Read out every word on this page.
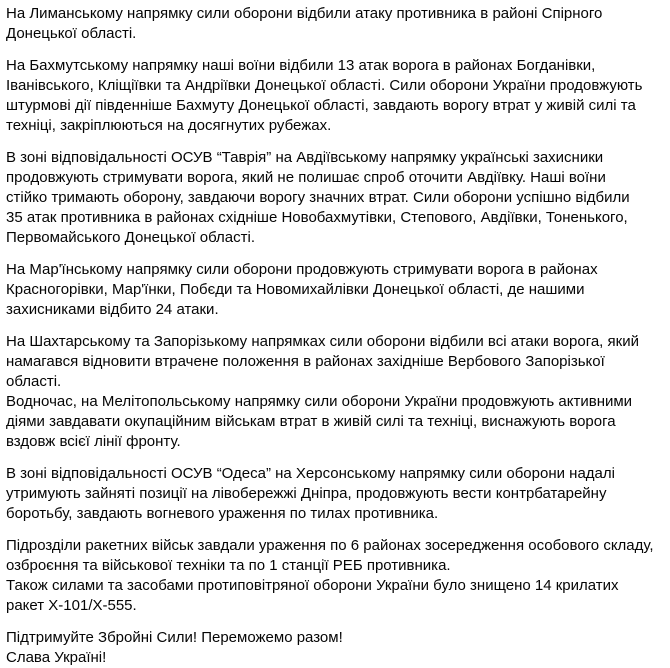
На Лиманському напрямку сили оборони відбили атаку противника в районі Спірного
Донецької області.

На Бахмутському напрямку наші воїни відбили 13 атак ворога в районах Богданівки,
Іванівського, Кліщіївки та Андріївки Донецької області. Сили оборони України продовжують
штурмові дії південніше Бахмуту Донецької області, завдають ворогу втрат у живій силі та
техніці, закріплюються на досягнутих рубежах.

В зоні відповідальності ОСУВ “Таврія” на Авдіївському напрямку українські захисники
продовжують стримувати ворога, який не полишає спроб оточити Авдіївку. Наші воїни
стійко тримають оборону, завдаючи ворогу значних втрат. Сили оборони успішно відбили
35 атак противника в районах східніше Новобахмутівки, Степового, Авдіївки, Тоненького,
Первомайського Донецької області.

На Мар'їнському напрямку сили оборони продовжують стримувати ворога в районах
Красногорівки, Мар'їнки, Побєди та Новомихайлівки Донецької області, де нашими
захисниками відбито 24 атаки.

На Шахтарському та Запорізькому напрямках сили оборони відбили всі атаки ворога, який
намагався відновити втрачене положення в районах західніше Вербового Запорізької
області.

Водночас, на Мелітопольському напрямку сили оборони України продовжують активними
діями завдавати окупаційним військам втрат в живій силі та техніці, виснажують ворога
вздовж всієї лінії фронту.

В зоні відповідальності ОСУВ “Одеса” на Херсонському напрямку сили оборони надалі
утримують зайняті позиції на лівобережжі Дніпра, продовжують вести контрбатарейну
боротьбу, завдають вогневого ураження по тилах противника.

Підрозділи ракетних військ завдали ураження по 6 районах зосередження особового складу,
озброєння та військової техніки та по 1 станції РЕБ противника.

Також силами та засобами протиповітряної оборони України було знищено 14 крилатих
ракет Х-101/Х-555.

Підтримуйте Збройні Сили! Переможемо разом!
Слава Україні!
